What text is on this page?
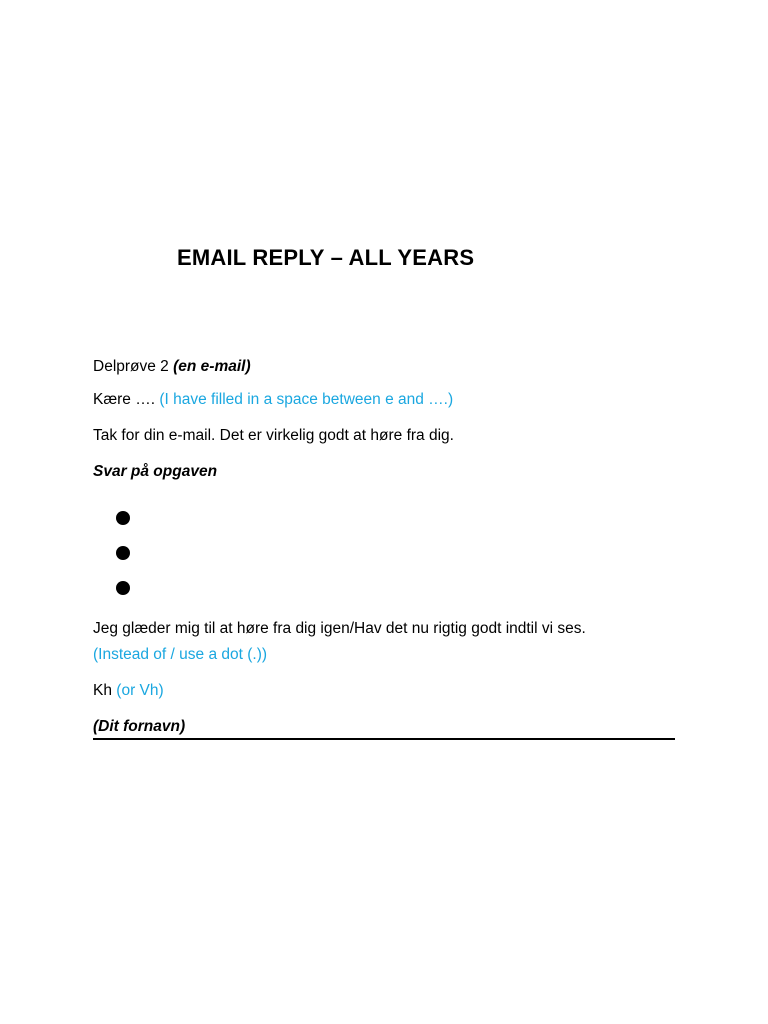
EMAIL REPLY – ALL YEARS
Delprøve 2 (en e-mail)
Kære …. (I have filled in a space between e and ….)
Tak for din e-mail. Det er virkelig godt at høre fra dig.
Svar på opgaven
Jeg glæder mig til at høre fra dig igen/Hav det nu rigtig godt indtil vi ses.
(Instead of / use a dot (.))
Kh (or Vh)
(Dit fornavn)
